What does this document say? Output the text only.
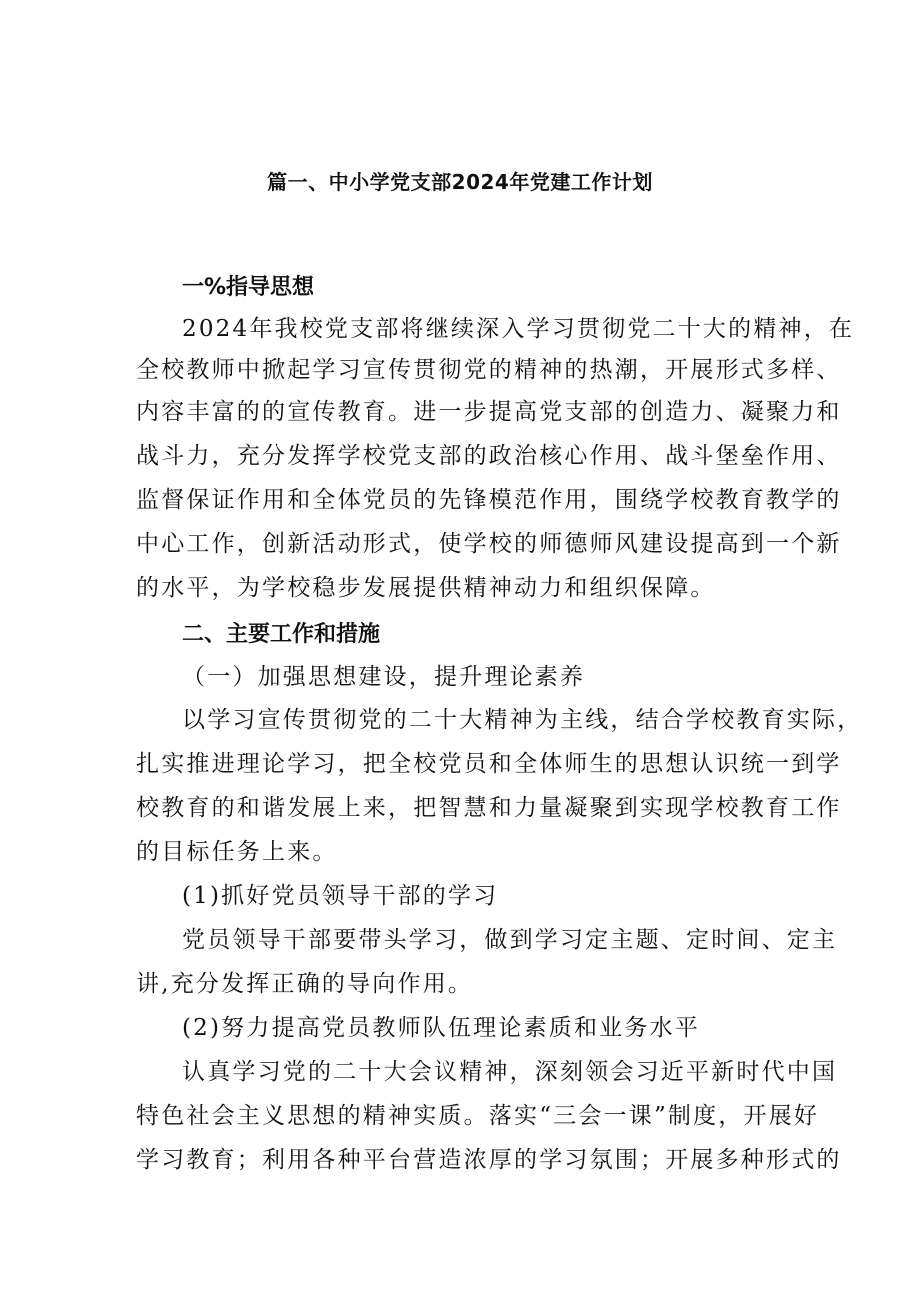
篇一、中小学党支部2024年党建工作计划
一%指导思想
2024年我校党支部将继续深入学习贯彻党二十大的精神，在
全校教师中掀起学习宣传贯彻党的精神的热潮，开展形式多样、
内容丰富的的宣传教育。进一步提高党支部的创造力、凝聚力和
战斗力，充分发挥学校党支部的政治核心作用、战斗堡垒作用、
监督保证作用和全体党员的先锋模范作用，围绕学校教育教学的
中心工作，创新活动形式，使学校的师德师风建设提高到一个新
的水平，为学校稳步发展提供精神动力和组织保障。
二、主要工作和措施
（一）加强思想建设，提升理论素养
以学习宣传贯彻党的二十大精神为主线，结合学校教育实际，
扎实推进理论学习，把全校党员和全体师生的思想认识统一到学
校教育的和谐发展上来，把智慧和力量凝聚到实现学校教育工作
的目标任务上来。
(1)抓好党员领导干部的学习
党员领导干部要带头学习，做到学习定主题、定时间、定主
讲,充分发挥正确的导向作用。
(2)努力提高党员教师队伍理论素质和业务水平
认真学习党的二十大会议精神，深刻领会习近平新时代中国
特色社会主义思想的精神实质。落实“三会一课”制度，开展好
学习教育；利用各种平台营造浓厚的学习氛围；开展多种形式的
